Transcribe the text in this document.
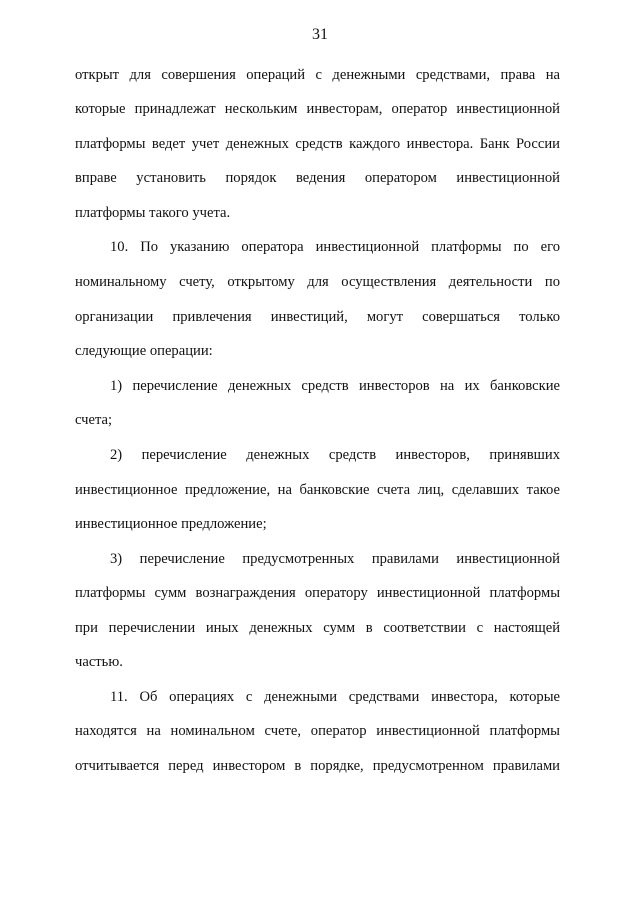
31
открыт для совершения операций с денежными средствами, права на
которые принадлежат нескольким инвесторам, оператор инвестиционной
платформы ведет учет денежных средств каждого инвестора. Банк России
вправе установить порядок ведения оператором инвестиционной
платформы такого учета.
10. По указанию оператора инвестиционной платформы по его
номинальному счету, открытому для осуществления деятельности по
организации привлечения инвестиций, могут совершаться только
следующие операции:
1) перечисление денежных средств инвесторов на их банковские
счета;
2) перечисление денежных средств инвесторов, принявших
инвестиционное предложение, на банковские счета лиц, сделавших такое
инвестиционное предложение;
3) перечисление предусмотренных правилами инвестиционной
платформы сумм вознаграждения оператору инвестиционной платформы
при перечислении иных денежных сумм в соответствии с настоящей
частью.
11. Об операциях с денежными средствами инвестора, которые
находятся на номинальном счете, оператор инвестиционной платформы
отчитывается перед инвестором в порядке, предусмотренном правилами
